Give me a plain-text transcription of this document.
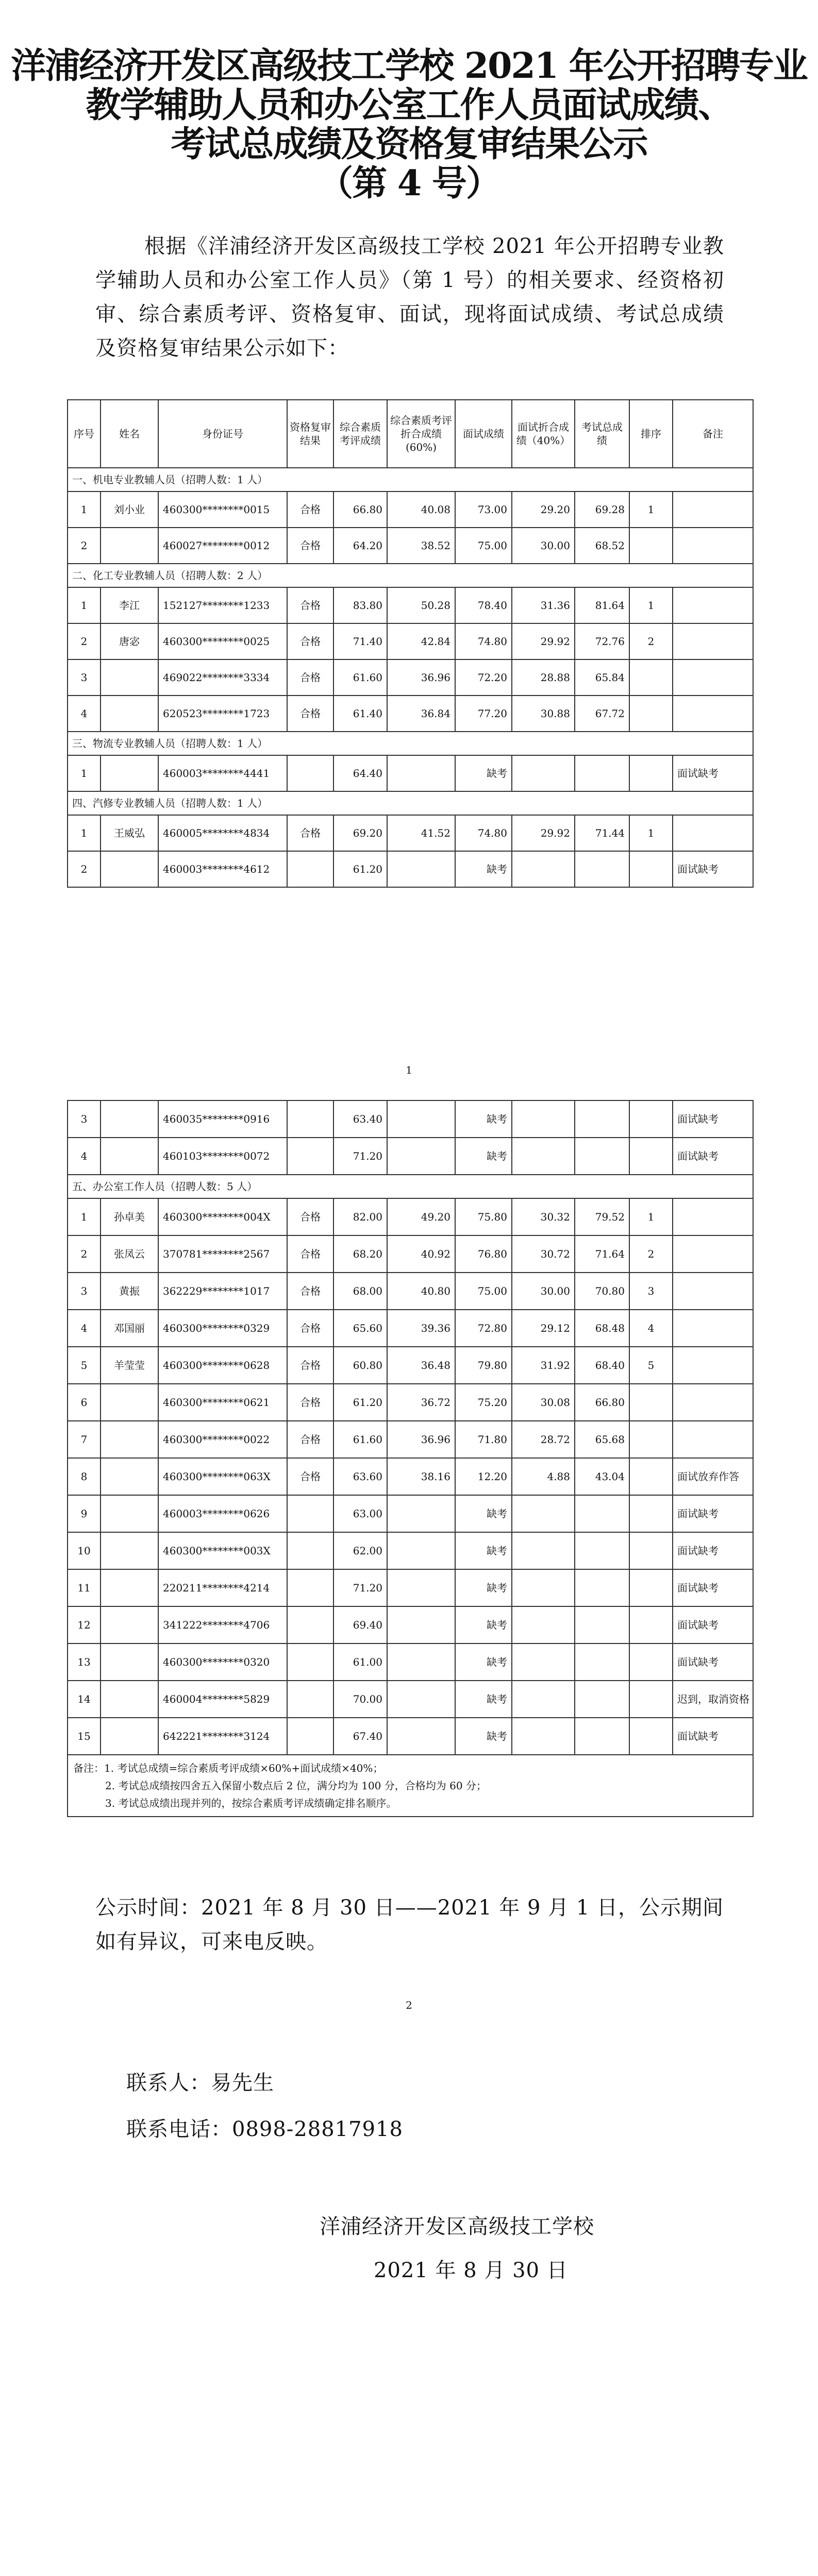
洋浦经济开发区高级技工学校 2021 年公开招聘专业
教学辅助人员和办公室工作人员面试成绩、
考试总成绩及资格复审结果公示
（第 4 号）
根据《洋浦经济开发区高级技工学校 2021 年公开招聘专业教学辅助人员和办公室工作人员》（第 1 号）的相关要求、经资格初审、综合素质考评、资格复审、面试，现将面试成绩、考试总成绩及资格复审结果公示如下：
序号	姓名	身份证号	资格复审结果	综合素质考评成绩	综合素质考评折合成绩(60%)	面试成绩	面试折合成绩（40%）	考试总成绩	排序	备注
一、机电专业教辅人员（招聘人数：1 人）										
1	刘小业	460300********0015	合格	66.80	40.08	73.00	29.20	69.28	1	
2		460027********0012	合格	64.20	38.52	75.00	30.00	68.52		
二、化工专业教辅人员（招聘人数：2 人）										
1	李江	152127********1233	合格	83.80	50.28	78.40	31.36	81.64	1	
2	唐宓	460300********0025	合格	71.40	42.84	74.80	29.92	72.76	2	
3		469022********3334	合格	61.60	36.96	72.20	28.88	65.84		
4		620523********1723	合格	61.40	36.84	77.20	30.88	67.72		
三、物流专业教辅人员（招聘人数：1 人）										
1		460003********4441		64.40		缺考				面试缺考
四、汽修专业教辅人员（招聘人数：1 人）										
1	王威弘	460005********4834	合格	69.20	41.52	74.80	29.92	71.44	1	
2		460003********4612		61.20		缺考				面试缺考
1
3		460035********0916		63.40		缺考				面试缺考
4		460103********0072		71.20		缺考				面试缺考
五、办公室工作人员（招聘人数：5 人）										
1	孙卓美	460300********004X	合格	82.00	49.20	75.80	30.32	79.52	1	
2	张凤云	370781********2567	合格	68.20	40.92	76.80	30.72	71.64	2	
3	黄振	362229********1017	合格	68.00	40.80	75.00	30.00	70.80	3	
4	邓国丽	460300********0329	合格	65.60	39.36	72.80	29.12	68.48	4	
5	羊莹莹	460300********0628	合格	60.80	36.48	79.80	31.92	68.40	5	
6		460300********0621	合格	61.20	36.72	75.20	30.08	66.80		
7		460300********0022	合格	61.60	36.96	71.80	28.72	65.68		
8		460300********063X	合格	63.60	38.16	12.20	4.88	43.04		面试放弃作答
9		460003********0626		63.00		缺考				面试缺考
10		460300********003X		62.00		缺考				面试缺考
11		220211********4214		71.20		缺考				面试缺考
12		341222********4706		69.40		缺考				面试缺考
13		460300********0320		61.00		缺考				面试缺考
14		460004********5829		70.00		缺考				迟到，取消资格
15		642221********3124		67.40		缺考				面试缺考

备注：1. 考试总成绩=综合素质考评成绩×60%+面试成绩×40%；
2. 考试总成绩按四舍五入保留小数点后 2 位，满分均为 100 分，合格均为 60 分；
3. 考试总成绩出现并列的，按综合素质考评成绩确定排名顺序。										
公示时间：2021 年 8 月 30 日——2021 年 9 月 1 日，公示期间如有异议，可来电反映。
2
联系人：易先生
联系电话：0898-28817918
洋浦经济开发区高级技工学校
2021 年 8 月 30 日
